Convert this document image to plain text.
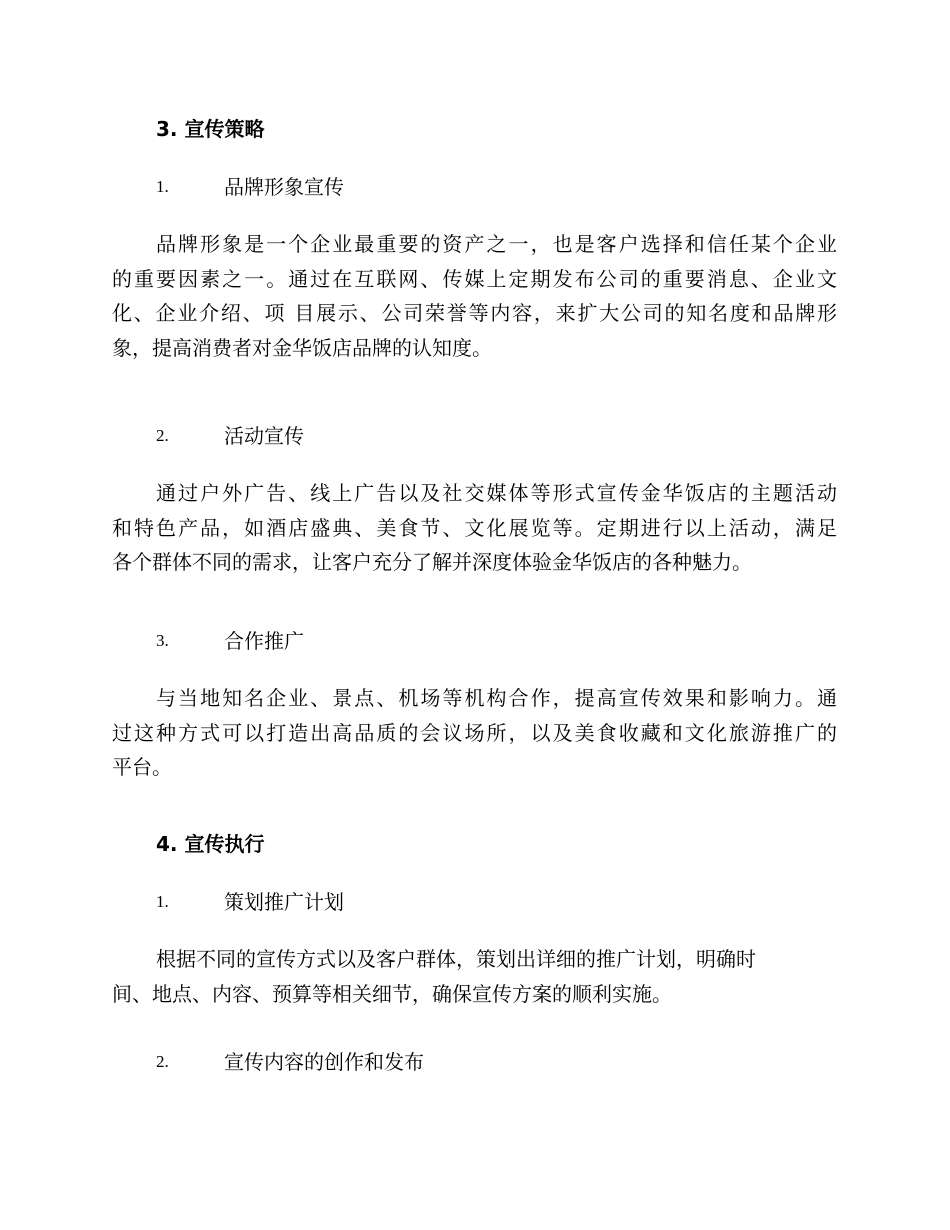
3. 宣传策略
1.	品牌形象宣传
品牌形象是一个企业最重要的资产之一，也是客户选择和信任某个企业
的重要因素之一。通过在互联网、传媒上定期发布公司的重要消息、企业文
化、企业介绍、项 目展示、公司荣誉等内容，来扩大公司的知名度和品牌形
象，提高消费者对金华饭店品牌的认知度。
2.	活动宣传
通过户外广告、线上广告以及社交媒体等形式宣传金华饭店的主题活动
和特色产品，如酒店盛典、美食节、文化展览等。定期进行以上活动，满足
各个群体不同的需求，让客户充分了解并深度体验金华饭店的各种魅力。
3.	合作推广
与当地知名企业、景点、机场等机构合作，提高宣传效果和影响力。通
过这种方式可以打造出高品质的会议场所，以及美食收藏和文化旅游推广的
平台。
4. 宣传执行
1.	策划推广计划
根据不同的宣传方式以及客户群体，策划出详细的推广计划，明确时
间、地点、内容、预算等相关细节，确保宣传方案的顺利实施。
2.	宣传内容的创作和发布
